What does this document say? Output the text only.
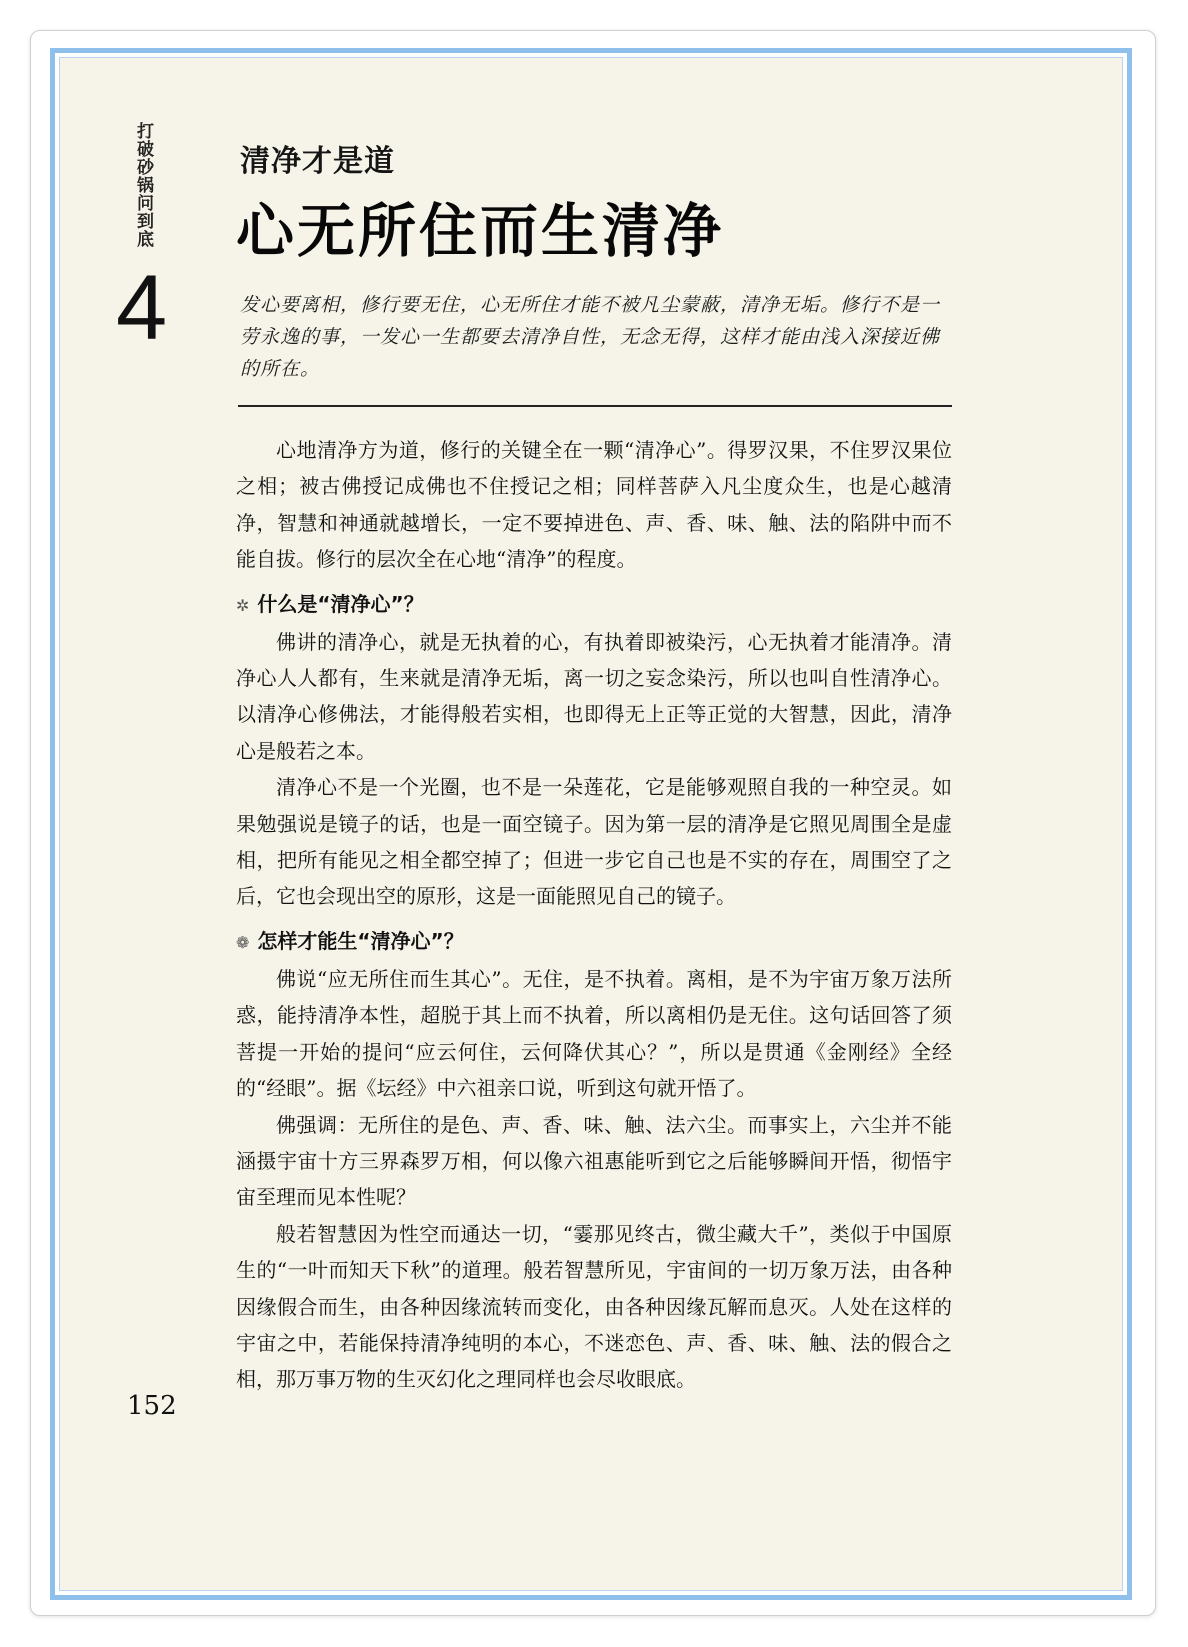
打破砂锅问到底
4
清净才是道
心无所住而生清净
发心要离相，修行要无住，心无所住才能不被凡尘蒙蔽，清净无垢。修行不是一劳永逸的事，一发心一生都要去清净自性，无念无得，这样才能由浅入深接近佛的所在。

心地清净方为道，修行的关键全在一颗“清净心”。得罗汉果，不住罗汉果位之相；被古佛授记成佛也不住授记之相；同样菩萨入凡尘度众生，也是心越清净，智慧和神通就越增长，一定不要掉进色、声、香、味、触、法的陷阱中而不能自拔。修行的层次全在心地“清净”的程度。

✲ 什么是“清净心”？

佛讲的清净心，就是无执着的心，有执着即被染污，心无执着才能清净。清净心人人都有，生来就是清净无垢，离一切之妄念染污，所以也叫自性清净心。以清净心修佛法，才能得般若实相，也即得无上正等正觉的大智慧，因此，清净心是般若之本。

清净心不是一个光圈，也不是一朵莲花，它是能够观照自我的一种空灵。如果勉强说是镜子的话，也是一面空镜子。因为第一层的清净是它照见周围全是虚相，把所有能见之相全都空掉了；但进一步它自己也是不实的存在，周围空了之后，它也会现出空的原形，这是一面能照见自己的镜子。

❁ 怎样才能生“清净心”？

佛说“应无所住而生其心”。无住，是不执着。离相，是不为宇宙万象万法所惑，能持清净本性，超脱于其上而不执着，所以离相仍是无住。这句话回答了须菩提一开始的提问“应云何住，云何降伏其心？”，所以是贯通《金刚经》全经的“经眼”。据《坛经》中六祖亲口说，听到这句就开悟了。

佛强调：无所住的是色、声、香、味、触、法六尘。而事实上，六尘并不能涵摄宇宙十方三界森罗万相，何以像六祖惠能听到它之后能够瞬间开悟，彻悟宇宙至理而见本性呢？

般若智慧因为性空而通达一切，“霎那见终古，微尘藏大千”，类似于中国原生的“一叶而知天下秋”的道理。般若智慧所见，宇宙间的一切万象万法，由各种因缘假合而生，由各种因缘流转而变化，由各种因缘瓦解而息灭。人处在这样的宇宙之中，若能保持清净纯明的本心，不迷恋色、声、香、味、触、法的假合之相，那万事万物的生灭幻化之理同样也会尽收眼底。

152
